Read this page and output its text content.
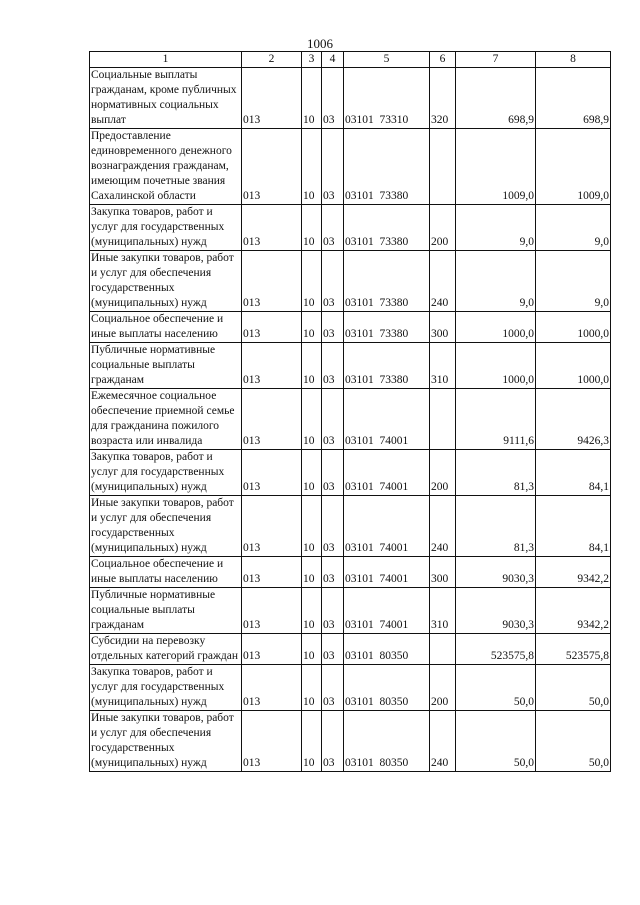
1006
1	2	3	4	5	6	7	8
Социальные выплаты гражданам, кроме публичных нормативных социальных выплат	013	10	03	03101  73310	320	698,9	698,9
Предоставление единовременного денежного вознаграждения гражданам, имеющим почетные звания Сахалинской области	013	10	03	03101  73380		1009,0	1009,0
Закупка товаров, работ и услуг для государственных (муниципальных) нужд	013	10	03	03101  73380	200	9,0	9,0
Иные закупки товаров, работ и услуг для обеспечения государственных (муниципальных) нужд	013	10	03	03101  73380	240	9,0	9,0
Социальное обеспечение и иные выплаты населению	013	10	03	03101  73380	300	1000,0	1000,0
Публичные нормативные социальные выплаты гражданам	013	10	03	03101  73380	310	1000,0	1000,0
Ежемесячное социальное обеспечение приемной семье для гражданина пожилого возраста или инвалида	013	10	03	03101  74001		9111,6	9426,3
Закупка товаров, работ и услуг для государственных (муниципальных) нужд	013	10	03	03101  74001	200	81,3	84,1
Иные закупки товаров, работ и услуг для обеспечения государственных (муниципальных) нужд	013	10	03	03101  74001	240	81,3	84,1
Социальное обеспечение и иные выплаты населению	013	10	03	03101  74001	300	9030,3	9342,2
Публичные нормативные социальные выплаты гражданам	013	10	03	03101  74001	310	9030,3	9342,2
Субсидии на перевозку отдельных категорий граждан	013	10	03	03101  80350		523575,8	523575,8
Закупка товаров, работ и услуг для государственных (муниципальных) нужд	013	10	03	03101  80350	200	50,0	50,0
Иные закупки товаров, работ и услуг для обеспечения государственных (муниципальных) нужд	013	10	03	03101  80350	240	50,0	50,0
